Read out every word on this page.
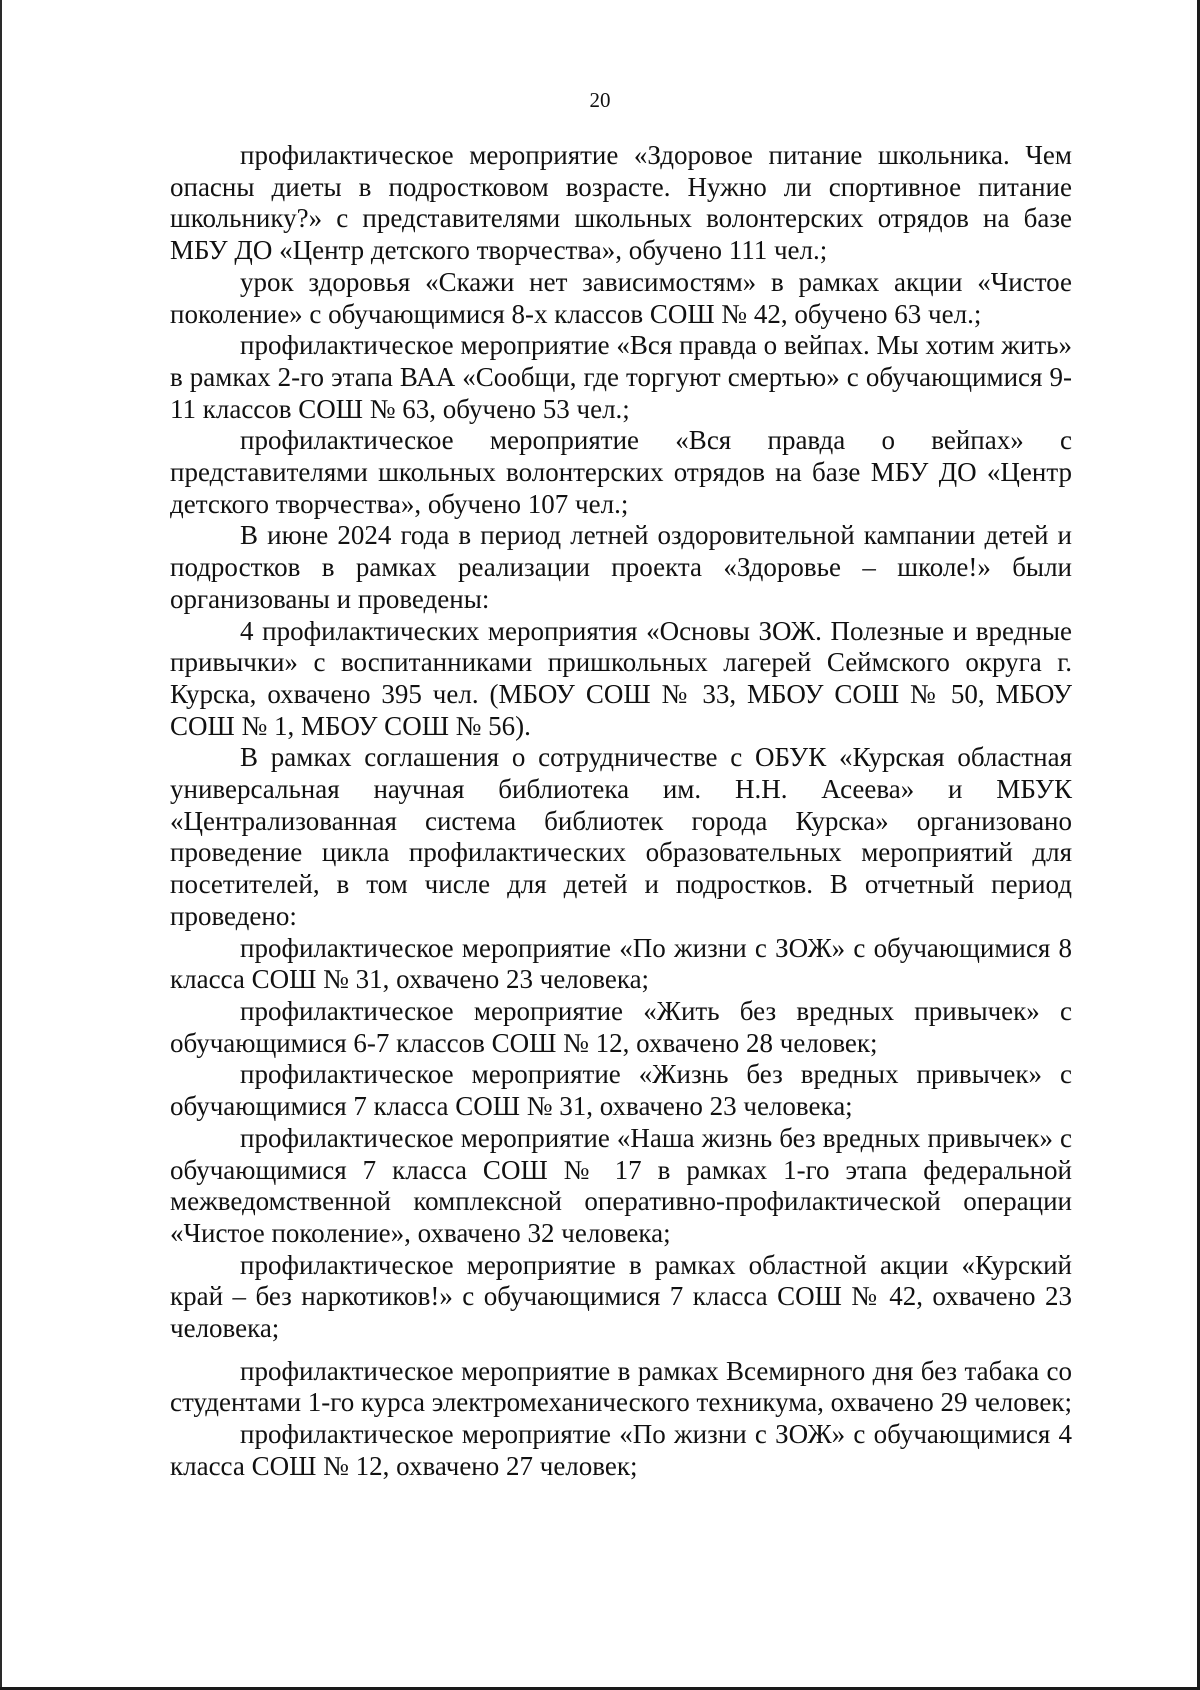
20

профилактическое мероприятие «Здоровое питание школьника. Чем опасны диеты в подростковом возрасте. Нужно ли спортивное питание школьнику?» с представителями школьных волонтерских отрядов на базе МБУ ДО «Центр детского творчества», обучено 111 чел.;

урок здоровья «Скажи нет зависимостям» в рамках акции «Чистое поколение» с обучающимися 8-х классов СОШ № 42, обучено 63 чел.;

профилактическое мероприятие «Вся правда о вейпах. Мы хотим жить» в рамках 2-го этапа ВАА «Сообщи, где торгуют смертью» с обучающимися 9-11 классов СОШ № 63, обучено 53 чел.;

профилактическое мероприятие «Вся правда о вейпах» с представителями школьных волонтерских отрядов на базе МБУ ДО «Центр детского творчества», обучено 107 чел.;

В июне 2024 года в период летней оздоровительной кампании детей и подростков в рамках реализации проекта «Здоровье – школе!» были организованы и проведены:

4 профилактических мероприятия «Основы ЗОЖ. Полезные и вредные привычки» с воспитанниками пришкольных лагерей Сеймского округа г. Курска, охвачено 395 чел. (МБОУ СОШ № 33, МБОУ СОШ № 50, МБОУ СОШ № 1, МБОУ СОШ № 56).

В рамках соглашения о сотрудничестве с ОБУК «Курская областная универсальная научная библиотека им. Н.Н. Асеева» и МБУК «Централизованная система библиотек города Курска» организовано проведение цикла профилактических образовательных мероприятий для посетителей, в том числе для детей и подростков. В отчетный период проведено:

профилактическое мероприятие «По жизни с ЗОЖ» с обучающимися 8 класса СОШ № 31, охвачено 23 человека;

профилактическое мероприятие «Жить без вредных привычек» с обучающимися 6-7 классов СОШ № 12, охвачено 28 человек;

профилактическое мероприятие «Жизнь без вредных привычек» с обучающимися 7 класса СОШ № 31, охвачено 23 человека;

профилактическое мероприятие «Наша жизнь без вредных привычек» с обучающимися 7 класса СОШ № 17 в рамках 1-го этапа федеральной межведомственной комплексной оперативно-профилактической операции «Чистое поколение», охвачено 32 человека;

профилактическое мероприятие в рамках областной акции «Курский край – без наркотиков!» с обучающимися 7 класса СОШ № 42, охвачено 23 человека;

профилактическое мероприятие в рамках Всемирного дня без табака со студентами 1-го курса электромеханического техникума, охвачено 29 человек;

профилактическое мероприятие «По жизни с ЗОЖ» с обучающимися 4 класса СОШ № 12, охвачено 27 человек;
